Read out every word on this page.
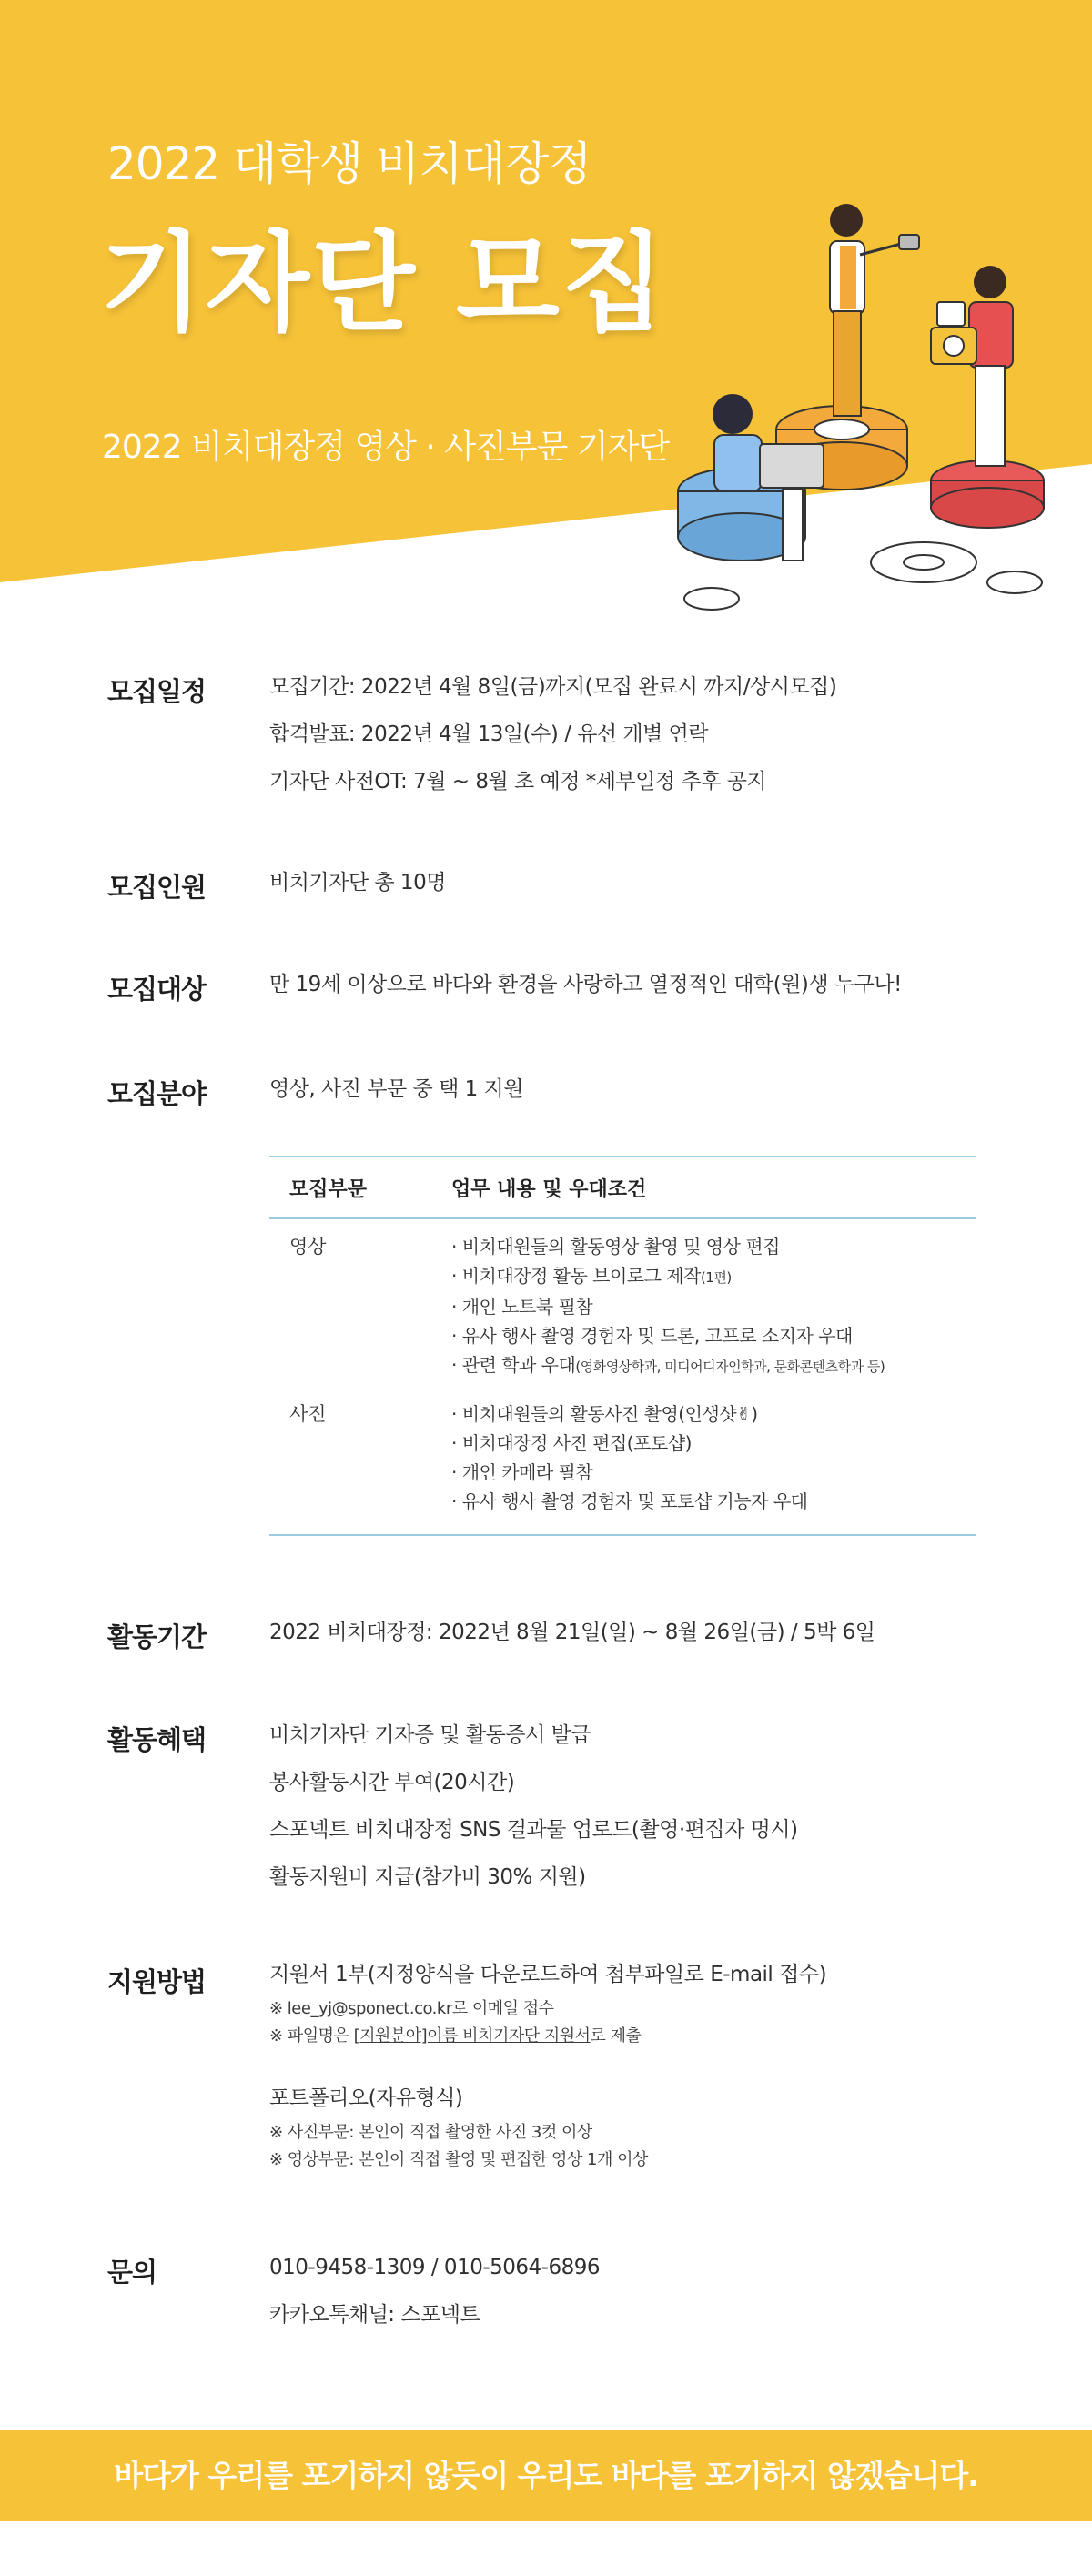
2022 대학생 비치대장정
기자단 모집
2022 비치대장정 영상 · 사진부문 기자단
모집일정	모집기간: 2022년 4월 8일(금)까지(모집 완료시 까지/상시모집)
합격발표: 2022년 4월 13일(수) / 유선 개별 연락
기자단 사전OT: 7월 ~ 8월 초 예정 *세부일정 추후 공지
모집인원	비치기자단 총 10명
모집대상	만 19세 이상으로 바다와 환경을 사랑하고 열정적인 대학(원)생 누구나!
모집분야	영상, 사진 부문 중 택 1 지원
모집부문	업무 내용 및 우대조건
영상	· 비치대원들의 활동영상 촬영 및 영상 편집
· 비치대장정 활동 브이로그 제작(1편)
· 개인 노트북 필참
· 유사 행사 촬영 경험자 및 드론, 고프로 소지자 우대
· 관련 학과 우대(영화영상학과, 미디어디자인학과, 문화콘텐츠학과 등)
사진	· 비치대원들의 활동사진 촬영(인생샷✌)
· 비치대장정 사진 편집(포토샵)
· 개인 카메라 필참
· 유사 행사 촬영 경험자 및 포토샵 기능자 우대
활동기간	2022 비치대장정: 2022년 8월 21일(일) ~ 8월 26일(금) / 5박 6일
활동혜택	비치기자단 기자증 및 활동증서 발급
봉사활동시간 부여(20시간)
스포넥트 비치대장정 SNS 결과물 업로드(촬영·편집자 명시)
활동지원비 지급(참가비 30% 지원)
지원방법	지원서 1부(지정양식을 다운로드하여 첨부파일로 E-mail 접수)
※ lee_yj@sponect.co.kr로 이메일 접수
※ 파일명은 [지원분야]이름 비치기자단 지원서로 제출
포트폴리오(자유형식)
※ 사진부문: 본인이 직접 촬영한 사진 3컷 이상
※ 영상부문: 본인이 직접 촬영 및 편집한 영상 1개 이상
문의	010-9458-1309 / 010-5064-6896
카카오톡채널: 스포넥트
바다가 우리를 포기하지 않듯이 우리도 바다를 포기하지 않겠습니다.
